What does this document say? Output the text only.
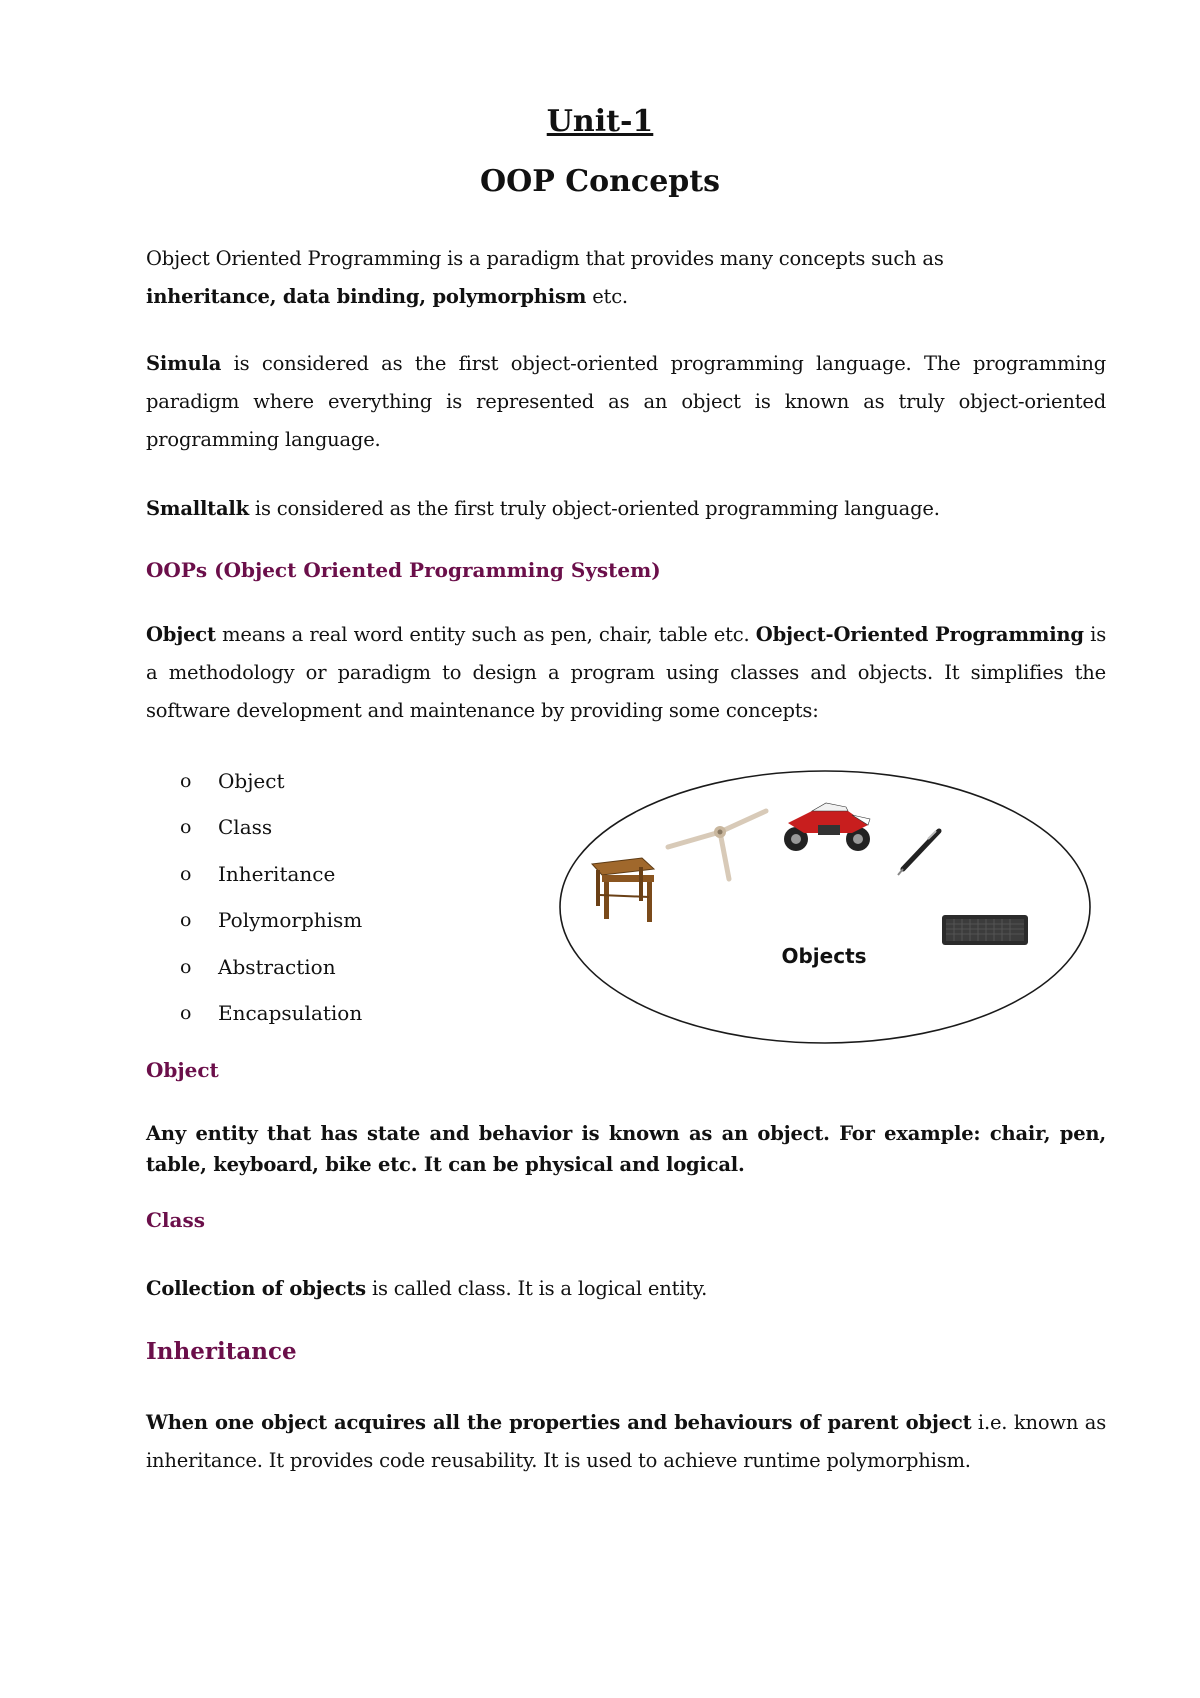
Unit-1

OOP Concepts

Object Oriented Programming is a paradigm that provides many concepts such as
inheritance, data binding, polymorphism etc.

Simula is considered as the first object-oriented programming language. The programming paradigm where everything is represented as an object is known as truly object-oriented programming language.

Smalltalk is considered as the first truly object-oriented programming language.

OOPs (Object Oriented Programming System)

Object means a real word entity such as pen, chair, table etc. Object-Oriented Programming is a methodology or paradigm to design a program using classes and objects. It simplifies the software development and maintenance by providing some concepts:

o	Object
o	Class
o	Inheritance
o	Polymorphism
o	Abstraction
o	Encapsulation
Objects

Object

Any entity that has state and behavior is known as an object. For example: chair, pen, table, keyboard, bike etc. It can be physical and logical.

Class

Collection of objects is called class. It is a logical entity.

Inheritance

When one object acquires all the properties and behaviours of parent object i.e. known as inheritance. It provides code reusability. It is used to achieve runtime polymorphism.
